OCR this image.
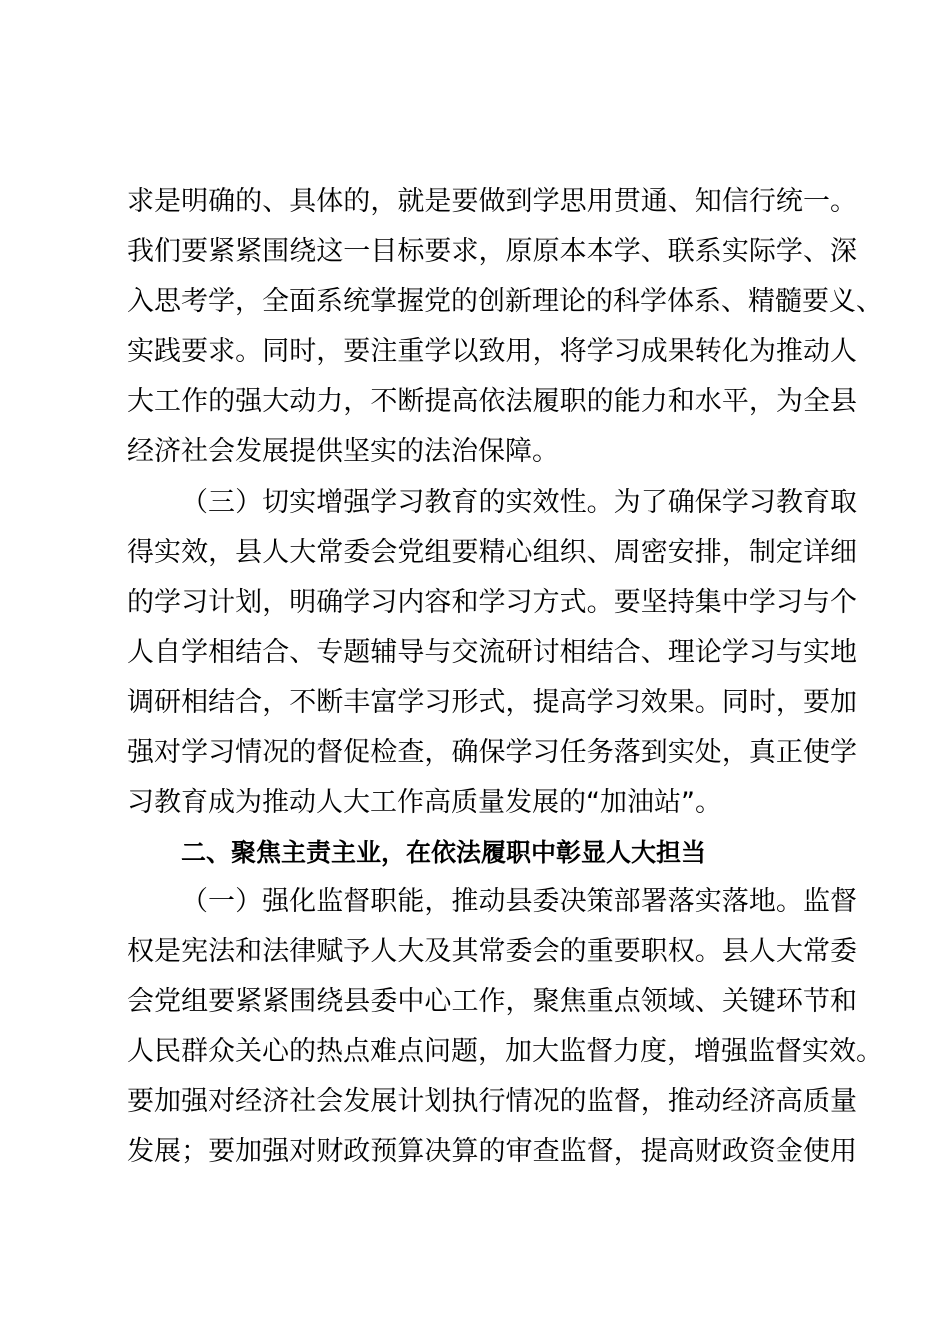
求是明确的、具体的，就是要做到学思用贯通、知信行统一。
我们要紧紧围绕这一目标要求，原原本本学、联系实际学、深
入思考学，全面系统掌握党的创新理论的科学体系、精髓要义、
实践要求。同时，要注重学以致用，将学习成果转化为推动人
大工作的强大动力，不断提高依法履职的能力和水平，为全县
经济社会发展提供坚实的法治保障。
（三）切实增强学习教育的实效性。为了确保学习教育取
得实效，县人大常委会党组要精心组织、周密安排，制定详细
的学习计划，明确学习内容和学习方式。要坚持集中学习与个
人自学相结合、专题辅导与交流研讨相结合、理论学习与实地
调研相结合，不断丰富学习形式，提高学习效果。同时，要加
强对学习情况的督促检查，确保学习任务落到实处，真正使学
习教育成为推动人大工作高质量发展的“加油站”。
二、聚焦主责主业，在依法履职中彰显人大担当
（一）强化监督职能，推动县委决策部署落实落地。监督
权是宪法和法律赋予人大及其常委会的重要职权。县人大常委
会党组要紧紧围绕县委中心工作，聚焦重点领域、关键环节和
人民群众关心的热点难点问题，加大监督力度，增强监督实效。
要加强对经济社会发展计划执行情况的监督，推动经济高质量
发展；要加强对财政预算决算的审查监督，提高财政资金使用
